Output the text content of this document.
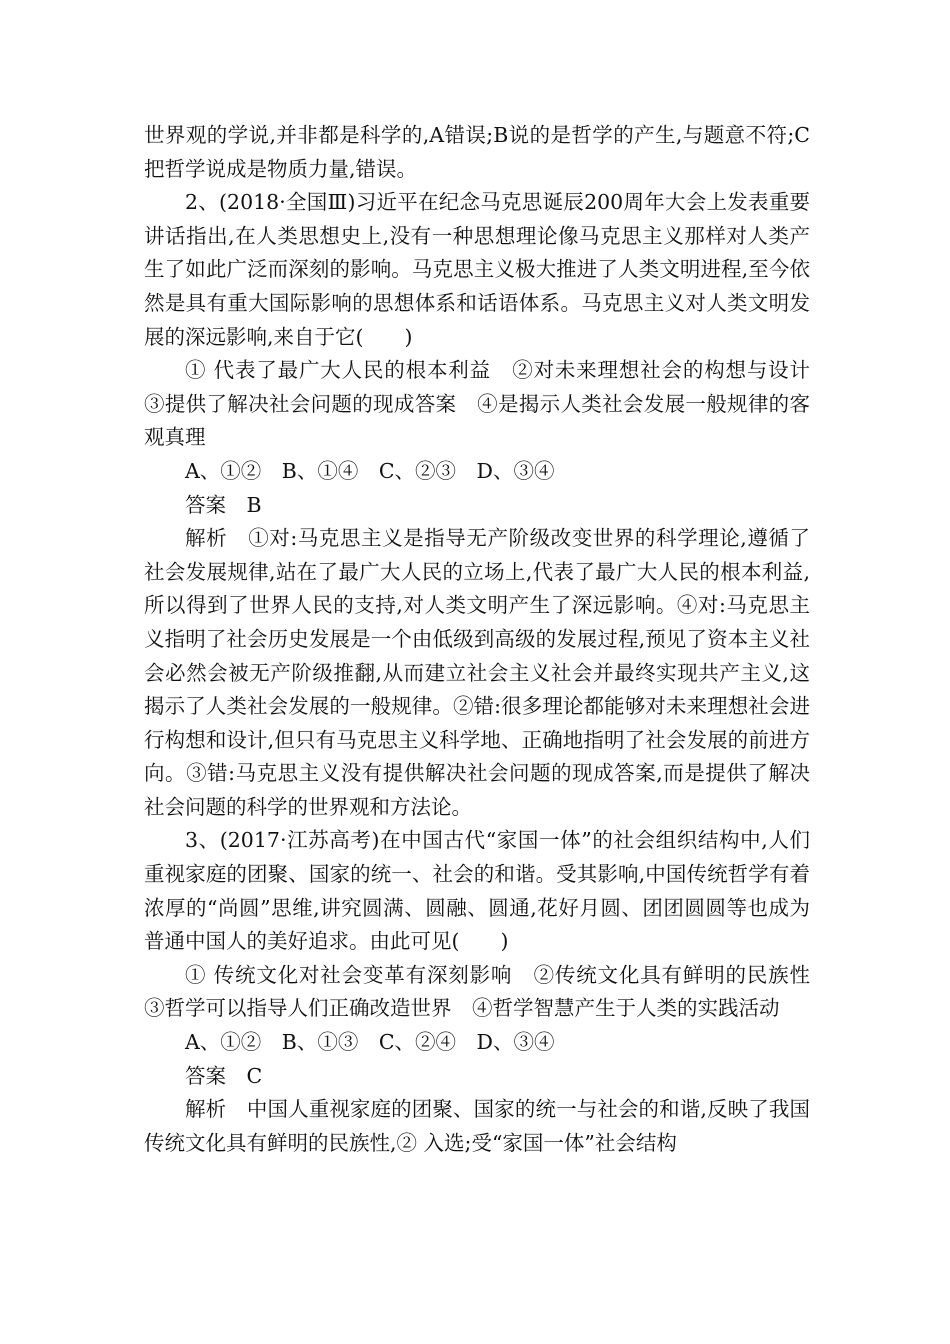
世界观的学说,并非都是科学的,A错误;B说的是哲学的产生,与题意不符;C把哲学说成是物质力量,错误。

2、(2018·全国Ⅲ)习近平在纪念马克思诞辰200周年大会上发表重要讲话指出,在人类思想史上,没有一种思想理论像马克思主义那样对人类产生了如此广泛而深刻的影响。马克思主义极大推进了人类文明进程,至今依然是具有重大国际影响的思想体系和话语体系。马克思主义对人类文明发展的深远影响,来自于它(　　)

① 代表了最广大人民的根本利益　②对未来理想社会的构想与设计　③提供了解决社会问题的现成答案　④是揭示人类社会发展一般规律的客观真理

A、①②　B、①④　C、②③　D、③④

答案　B

解析　①对:马克思主义是指导无产阶级改变世界的科学理论,遵循了社会发展规律,站在了最广大人民的立场上,代表了最广大人民的根本利益,所以得到了世界人民的支持,对人类文明产生了深远影响。④对:马克思主义指明了社会历史发展是一个由低级到高级的发展过程,预见了资本主义社会必然会被无产阶级推翻,从而建立社会主义社会并最终实现共产主义,这揭示了人类社会发展的一般规律。②错:很多理论都能够对未来理想社会进行构想和设计,但只有马克思主义科学地、正确地指明了社会发展的前进方向。③错:马克思主义没有提供解决社会问题的现成答案,而是提供了解决社会问题的科学的世界观和方法论。

3、(2017·江苏高考)在中国古代“家国一体”的社会组织结构中,人们重视家庭的团聚、国家的统一、社会的和谐。受其影响,中国传统哲学有着浓厚的“尚圆”思维,讲究圆满、圆融、圆通,花好月圆、团团圆圆等也成为普通中国人的美好追求。由此可见(　　)

① 传统文化对社会变革有深刻影响　②传统文化具有鲜明的民族性　③哲学可以指导人们正确改造世界　④哲学智慧产生于人类的实践活动

A、①②　B、①③　C、②④　D、③④

答案　C

解析　中国人重视家庭的团聚、国家的统一与社会的和谐,反映了我国传统文化具有鲜明的民族性,② 入选;受“家国一体”社会结构
